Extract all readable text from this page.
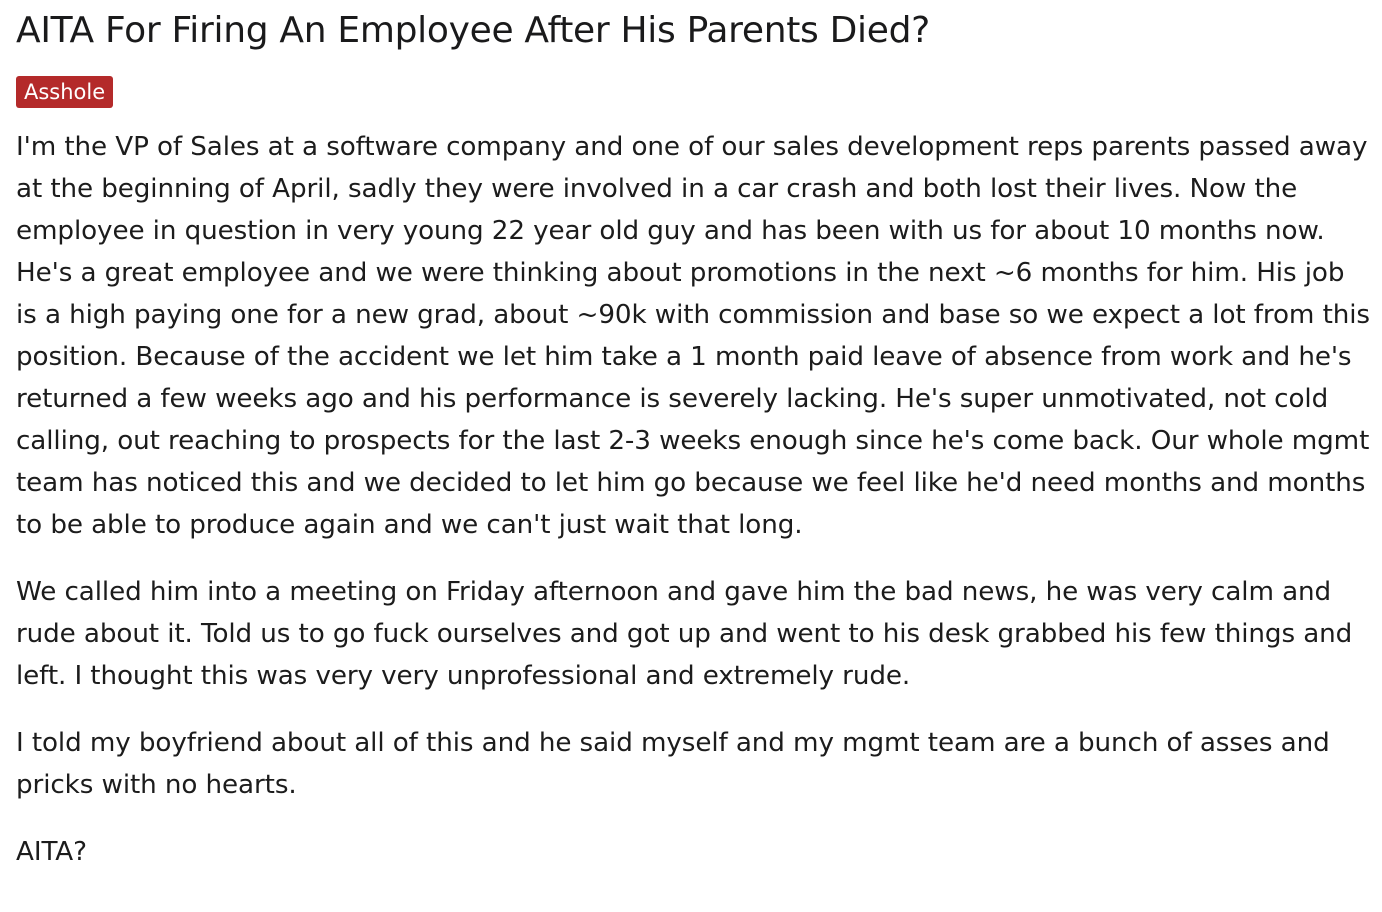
AITA For Firing An Employee After His Parents Died?
Asshole

I'm the VP of Sales at a software company and one of our sales development reps parents passed away at the beginning of April, sadly they were involved in a car crash and both lost their lives. Now the employee in question in very young 22 year old guy and has been with us for about 10 months now. He's a great employee and we were thinking about promotions in the next ~6 months for him. His job is a high paying one for a new grad, about ~90k with commission and base so we expect a lot from this position. Because of the accident we let him take a 1 month paid leave of absence from work and he's returned a few weeks ago and his performance is severely lacking. He's super unmotivated, not cold calling, out reaching to prospects for the last 2-3 weeks enough since he's come back. Our whole mgmt team has noticed this and we decided to let him go because we feel like he'd need months and months to be able to produce again and we can't just wait that long.

We called him into a meeting on Friday afternoon and gave him the bad news, he was very calm and rude about it. Told us to go fuck ourselves and got up and went to his desk grabbed his few things and left. I thought this was very very unprofessional and extremely rude.

I told my boyfriend about all of this and he said myself and my mgmt team are a bunch of asses and pricks with no hearts.

AITA?
